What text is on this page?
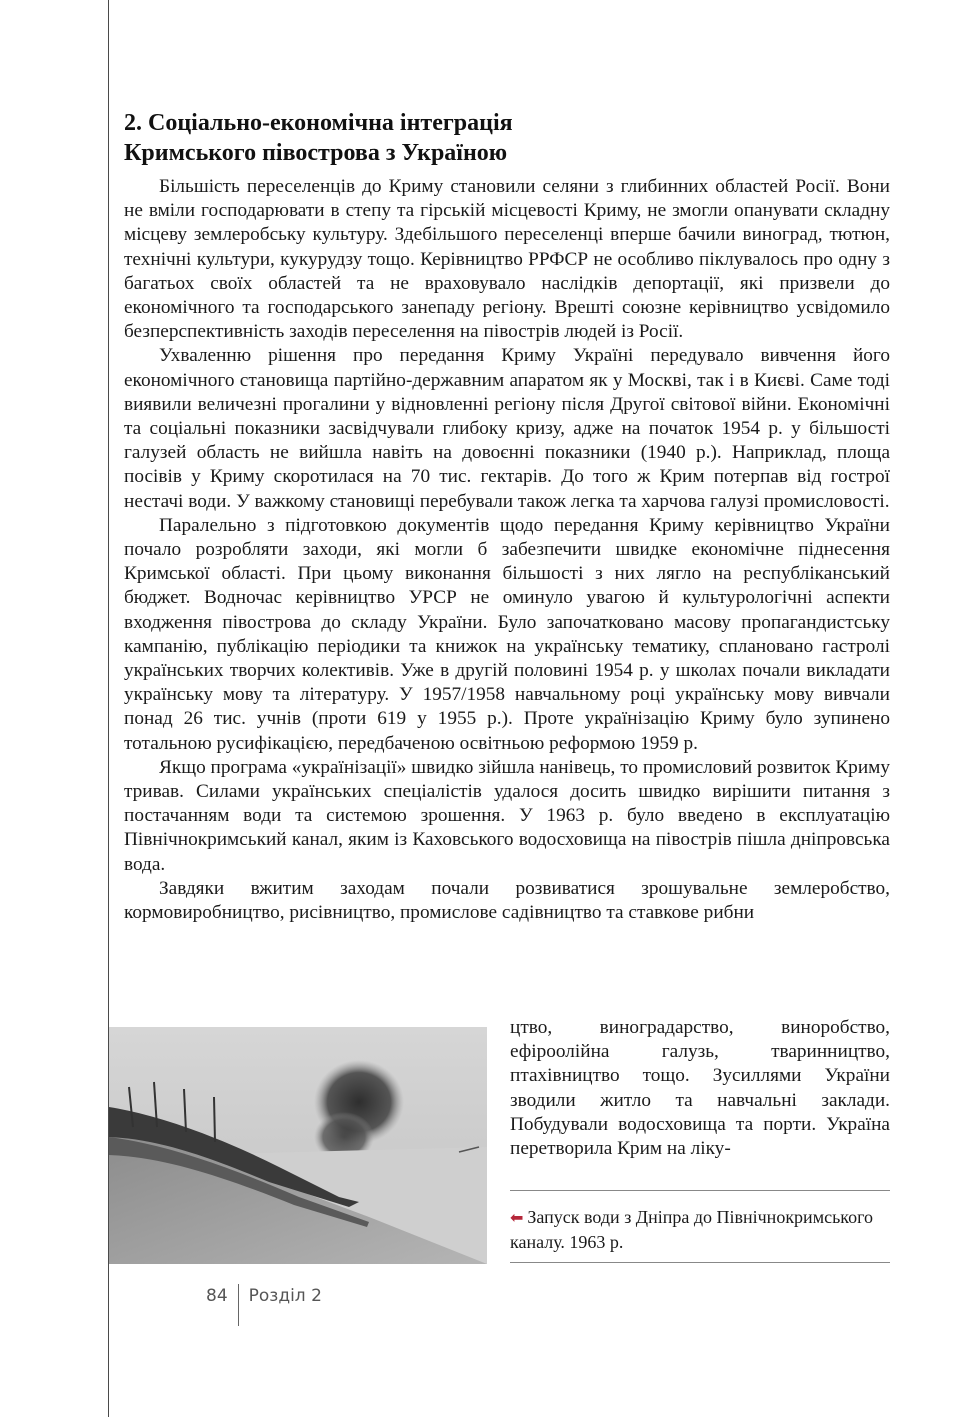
2. Соціально-економічна інтеграція
Кримського півострова з Україною

Більшість переселенців до Криму становили селяни з глибинних областей Росії. Вони не вміли господарювати в степу та гірській місцевості Криму, не змогли опанувати складну місцеву землеробську культуру. Здебільшого переселенці вперше бачили виноград, тютюн, технічні культури, кукурудзу тощо. Керівництво РРФСР не особливо піклувалось про одну з багатьох своїх областей та не враховувало наслідків депортації, які призвели до економічного та господарського занепаду регіону. Врешті союзне керівництво усвідомило безперспективність заходів переселення на півострів людей із Росії.

Ухваленню рішення про передання Криму Україні передувало вивчення його економічного становища партійно-державним апаратом як у Москві, так і в Києві. Саме тоді виявили величезні прогалини у відновленні регіону після Другої світової війни. Економічні та соціальні показники засвідчували глибоку кризу, адже на початок 1954 р. у більшості галузей область не вийшла навіть на довоєнні показники (1940 р.). Наприклад, площа посівів у Криму скоротилася на 70 тис. гектарів. До того ж Крим потерпав від гострої нестачі води. У важкому становищі перебували також легка та харчова галузі промисловості.

Паралельно з підготовкою документів щодо передання Криму керівництво України почало розробляти заходи, які могли б забезпечити швидке економічне піднесення Кримської області. При цьому виконання більшості з них лягло на республіканський бюджет. Водночас керівництво УРСР не оминуло увагою й культурологічні аспекти входження півострова до складу України. Було започатковано масову пропагандистську кампанію, публікацію періодики та книжок на українську тематику, сплановано гастролі українських творчих колективів. Уже в другій половині 1954 р. у школах почали викладати українську мову та літературу. У 1957/1958 навчальному році українську мову вивчали понад 26 тис. учнів (проти 619 у 1955 р.). Проте українізацію Криму було зупинено тотальною русифікацією, передбаченою освітньою реформою 1959 р.

Якщо програма «українізації» швидко зійшла нанівець, то промисловий розвиток Криму тривав. Силами українських спеціалістів удалося досить швидко вирішити питання з постачанням води та системою зрошення. У 1963 р. було введено в експлуатацію Північнокримський канал, яким із Каховського водосховища на півострів пішла дніпровська вода.

Завдяки вжитим заходам почали розвиватися зрошувальне землеробство, кормовиробництво, рисівництво, промислове садівництво та ставкове рибни

цтво, виноградарство, виноробство, ефіроолійна галузь, тваринництво, птахівництво тощо. Зусиллями України зводили житло та навчальні заклади. Побудували водосховища та порти. Україна перетворила Крим на ліку-

⬅ Запуск води з Дніпра до Північнокримського каналу. 1963 р.
84	Розділ 2
